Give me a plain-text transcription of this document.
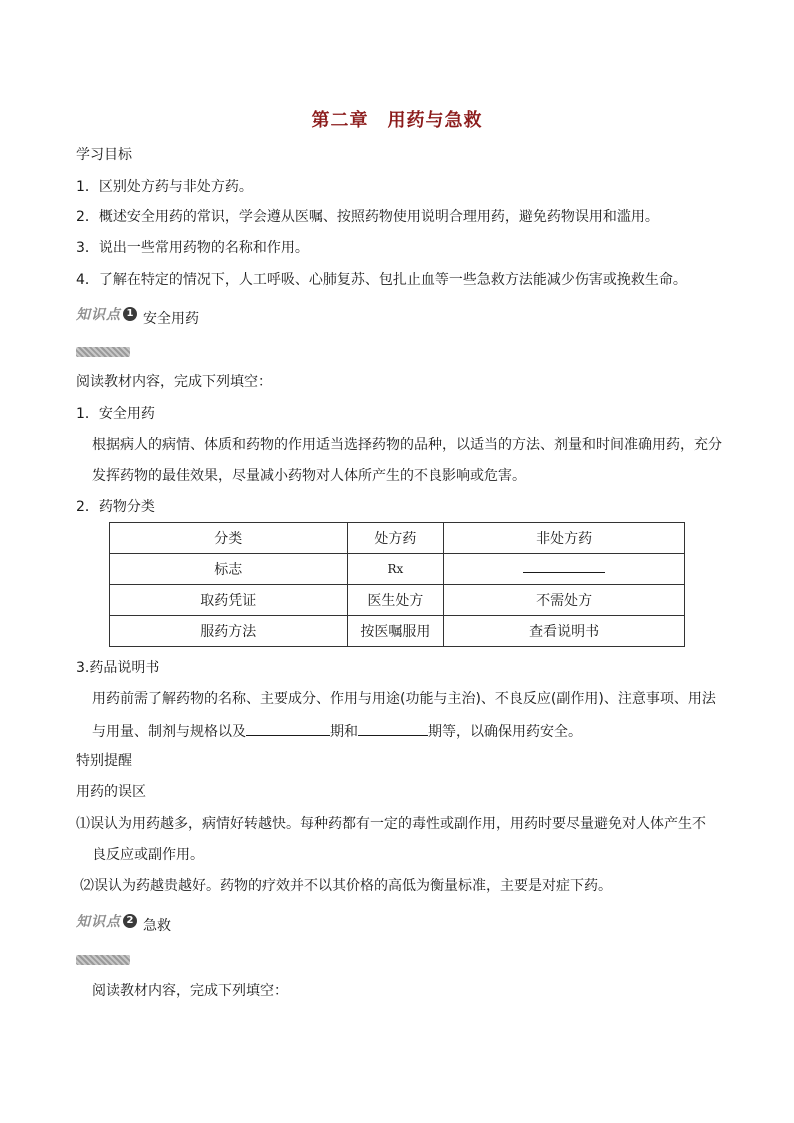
第二章　用药与急救
学习目标
1．区别处方药与非处方药。
2．概述安全用药的常识，学会遵从医嘱、按照药物使用说明合理用药，避免药物误用和滥用。
3．说出一些常用药物的名称和作用。
4．了解在特定的情况下，人工呼吸、心肺复苏、包扎止血等一些急救方法能减少伤害或挽救生命。
知识点 1 安全用药
阅读教材内容，完成下列填空：
1．安全用药
根据病人的病情、体质和药物的作用适当选择药物的品种，以适当的方法、剂量和时间准确用药，充分
发挥药物的最佳效果，尽量减小药物对人体所产生的不良影响或危害。
2．药物分类
分类	处方药	非处方药
标志	Rx	
取药凭证	医生处方	不需处方
服药方法	按医嘱服用	查看说明书
3.药品说明书
用药前需了解药物的名称、主要成分、作用与用途(功能与主治)、不良反应(副作用)、注意事项、用法
与用量、制剂与规格以及	期和	期等，以确保用药安全。
特别提醒
用药的误区
⑴误认为用药越多，病情好转越快。每种药都有一定的毒性或副作用，用药时要尽量避免对人体产生不
良反应或副作用。
⑵误认为药越贵越好。药物的疗效并不以其价格的高低为衡量标准，主要是对症下药。
知识点 2 急救
阅读教材内容，完成下列填空：
